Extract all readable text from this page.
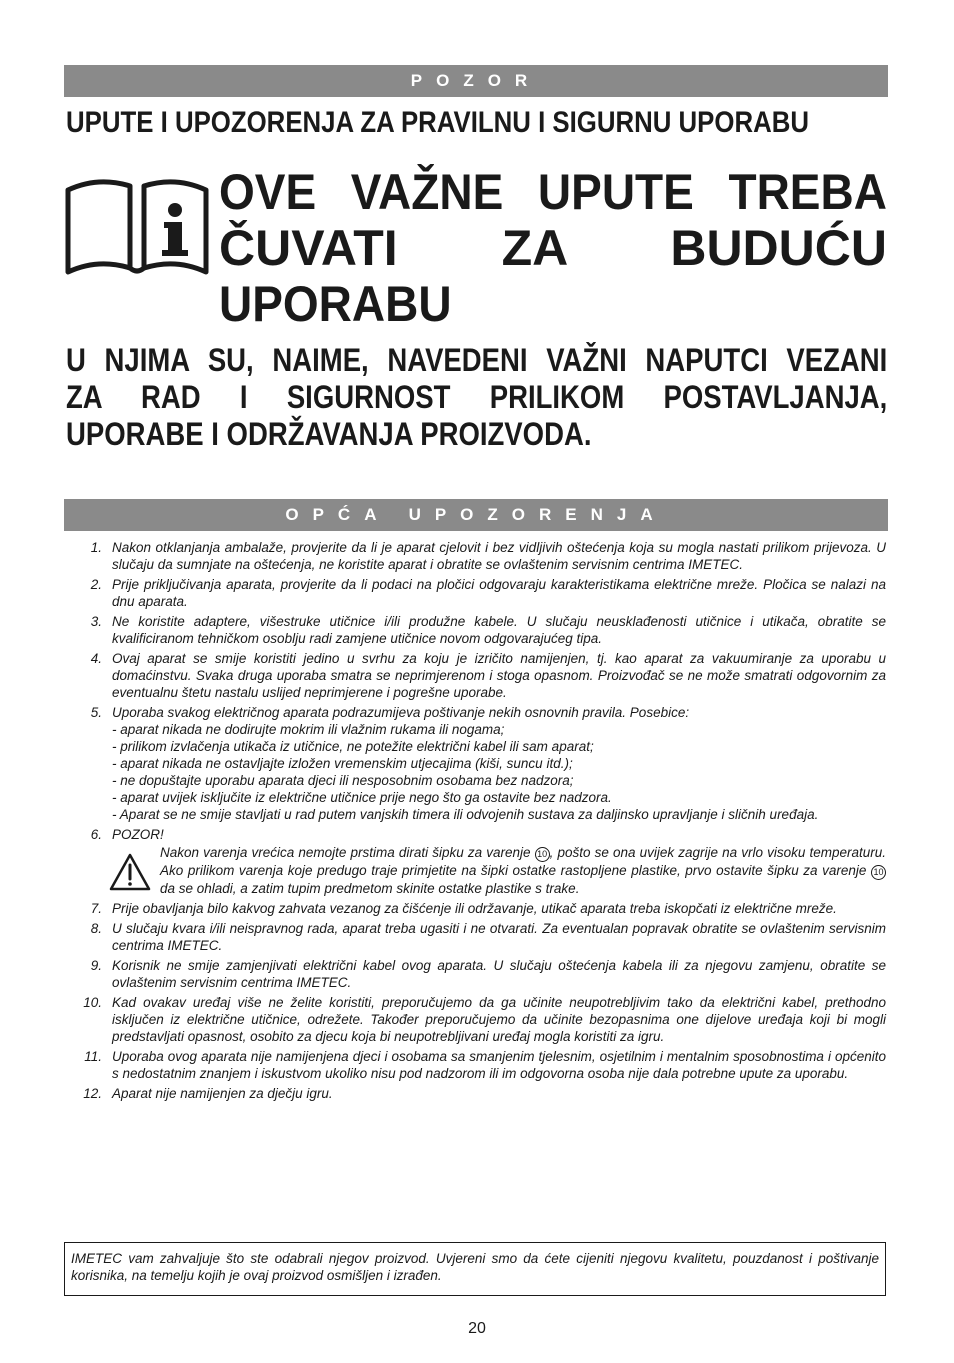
POZOR
UPUTE I UPOZORENJA ZA PRAVILNU I SIGURNU UPORABU
OVE VAŽNE UPUTE TREBA
ČUVATI ZA BUDUĆU
UPORABU
U NJIMA SU, NAIME, NAVEDENI VAŽNI NAPUTCI VEZANI
ZA RAD I SIGURNOST PRILIKOM POSTAVLJANJA,
UPORABE I ODRŽAVANJA PROIZVODA.
OPĆA UPOZORENJA
1. Nakon otklanjanja ambalaže, provjerite da li je aparat cjelovit i bez vidljivih oštećenja koja su mogla nastati prilikom prijevoza. U slučaju da sumnjate na oštećenja, ne koristite aparat i obratite se ovlaštenim servisnim centrima IMETEC.
2. Prije priključivanja aparata, provjerite da li podaci na pločici odgovaraju karakteristikama električne mreže. Pločica se nalazi na dnu aparata.
3. Ne koristite adaptere, višestruke utičnice i/ili produžne kabele. U slučaju neusklađenosti utičnice i utikača, obratite se kvalificiranom tehničkom osoblju radi zamjene utičnice novom odgovarajućeg tipa.
4. Ovaj aparat se smije koristiti jedino u svrhu za koju je izričito namijenjen, tj. kao aparat za vakuumiranje za uporabu u domaćinstvu. Svaka druga uporaba smatra se neprimjerenom i stoga opasnom. Proizvođač se ne može smatrati odgovornim za eventualnu štetu nastalu uslijed neprimjerene i pogrešne uporabe.
5. Uporaba svakog električnog aparata podrazumijeva poštivanje nekih osnovnih pravila. Posebice:
- aparat nikada ne dodirujte mokrim ili vlažnim rukama ili nogama;
- prilikom izvlačenja utikača iz utičnice, ne potežite električni kabel ili sam aparat;
- aparat nikada ne ostavljajte izložen vremenskim utjecajima (kiši, suncu itd.);
- ne dopuštajte uporabu aparata djeci ili nesposobnim osobama bez nadzora;
- aparat uvijek isključite iz električne utičnice prije nego što ga ostavite bez nadzora.
- Aparat se ne smije stavljati u rad putem vanjskih timera ili odvojenih sustava za daljinsko upravljanje i sličnih uređaja.
6. POZOR!
Nakon varenja vrećica nemojte prstima dirati šipku za varenje 10 , pošto se ona uvijek zagrije na vrlo visoku temperaturu. Ako prilikom varenja koje predugo traje primjetite na šipki ostatke rastopljene plastike, prvo ostavite šipku za varenje 10 da se ohladi, a zatim tupim predmetom skinite ostatke plastike s trake.
7. Prije obavljanja bilo kakvog zahvata vezanog za čišćenje ili održavanje, utikač aparata treba iskopčati iz električne mreže.
8. U slučaju kvara i/ili neispravnog rada, aparat treba ugasiti i ne otvarati. Za eventualan popravak obratite se ovlaštenim servisnim centrima IMETEC.
9. Korisnik ne smije zamjenjivati električni kabel ovog aparata. U slučaju oštećenja kabela ili za njegovu zamjenu, obratite se ovlaštenim servisnim centrima IMETEC.
10. Kad ovakav uređaj više ne želite koristiti, preporučujemo da ga učinite neupotrebljivim tako da električni kabel, prethodno isključen iz električne utičnice, odrežete. Također preporučujemo da učinite bezopasnima one dijelove uređaja koji bi mogli predstavljati opasnost, osobito za djecu koja bi neupotrebljivani uređaj mogla koristiti za igru.
11. Uporaba ovog aparata nije namijenjena djeci i osobama sa smanjenim tjelesnim, osjetilnim i mentalnim sposobnostima i općenito s nedostatnim znanjem i iskustvom ukoliko nisu pod nadzorom ili im odgovorna osoba nije dala potrebne upute za uporabu.
12. Aparat nije namijenjen za dječju igru.
IMETEC vam zahvaljuje što ste odabrali njegov proizvod. Uvjereni smo da ćete cijeniti njegovu kvalitetu, pouzdanost i poštivanje korisnika, na temelju kojih je ovaj proizvod osmišljen i izrađen.
20
